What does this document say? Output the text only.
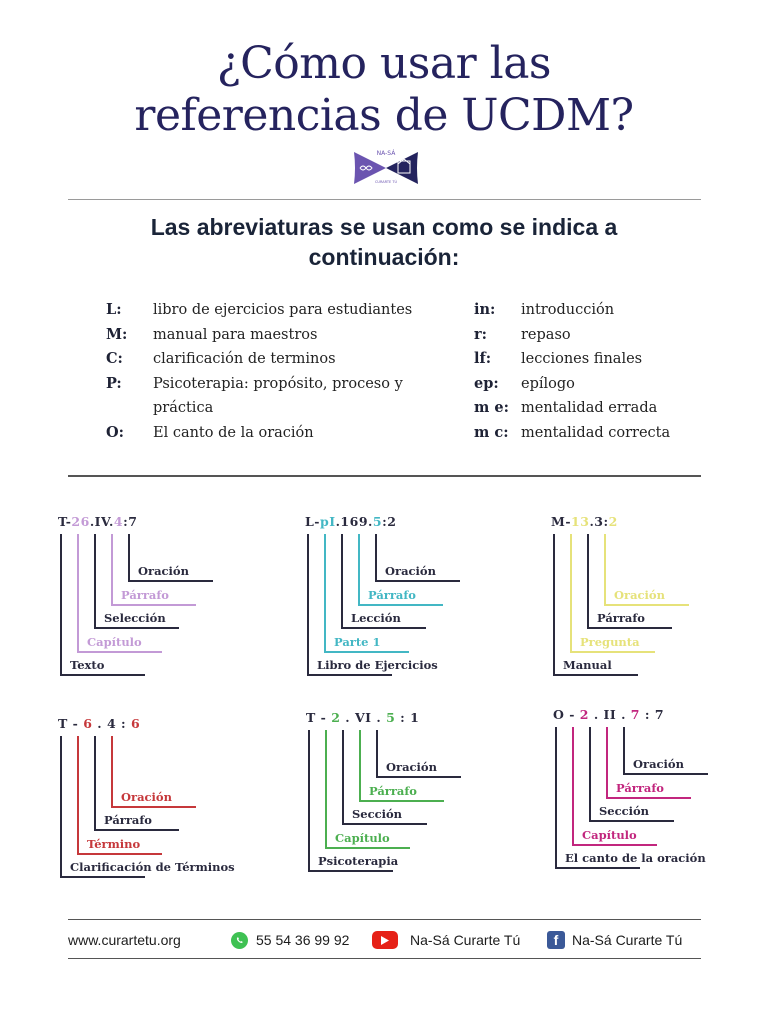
¿Cómo usar las
referencias de UCDM?
NA-SÁ
CURARTE TÚ
Las abreviaturas se usan como se indica a continuación:
L:	libro de ejercicios para estudiantes
M:	manual para maestros
C:	clarificación de terminos
P:	Psicoterapia: propósito, proceso y práctica
O:	El canto de la oración
in:	introducción
r:	repaso
lf:	lecciones finales
ep:	epílogo
m e: mentalidad errada
m c: mentalidad correcta
T-26.IV.4:7
Texto
Capítulo
Selección
Párrafo
Oración
L-pI.169.5:2
Libro de Ejercicios
Parte 1
Lección
Párrafo
Oración
M-13.3:2
Manual
Pregunta
Párrafo
Oración
T - 6 . 4 : 6
Clarificación de Términos
Término
Párrafo
Oración
T - 2 . VI . 5 : 1
Psicoterapia
Capítulo
Sección
Párrafo
Oración
O - 2 . II . 7 : 7
El canto de la oración
Capítulo
Sección
Párrafo
Oración
www.curartetu.org	55 54 36 99 92	Na-Sá Curarte Tú	f Na-Sá Curarte Tú
